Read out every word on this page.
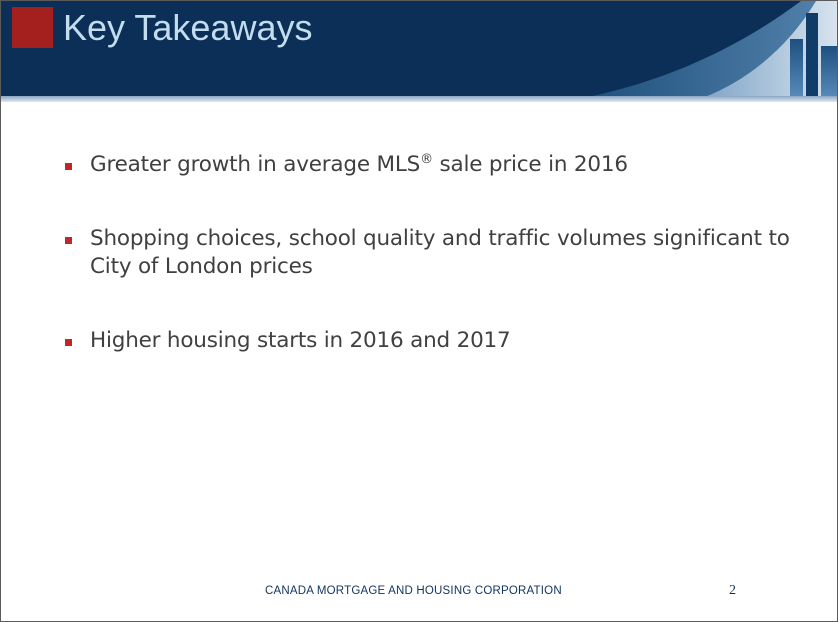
Key Takeaways
Greater growth in average MLS® sale price in 2016
Shopping choices, school quality and traffic volumes significant to City of London prices
Higher housing starts in 2016 and 2017
CANADA MORTGAGE AND HOUSING CORPORATION	2
